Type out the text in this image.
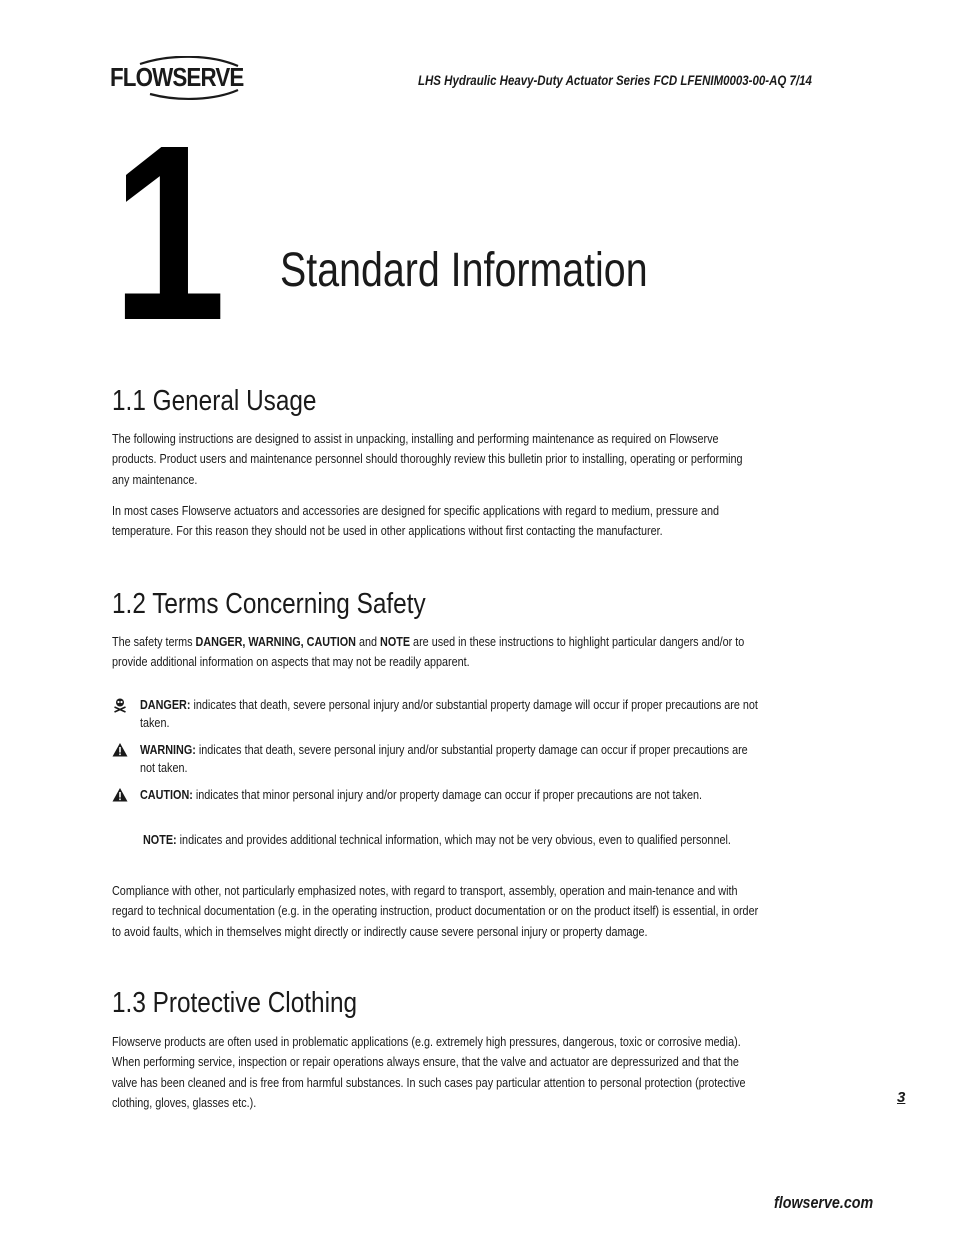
FLOWSERVE	LHS Hydraulic Heavy-Duty Actuator Series FCD LFENIM0003-00-AQ 7/14
1 Standard Information
1.1 General Usage
The following instructions are designed to assist in unpacking, installing and performing maintenance as required on Flowserve products. Product users and maintenance personnel should thoroughly review this bulletin prior to installing, operating or performing any maintenance.
In most cases Flowserve actuators and accessories are designed for specific applications with regard to medium, pressure and temperature. For this reason they should not be used in other applications without first contacting the manufacturer.
1.2 Terms Concerning Safety
The safety terms DANGER, WARNING, CAUTION and NOTE are used in these instructions to highlight particular dangers and/or to provide additional information on aspects that may not be readily apparent.
DANGER: indicates that death, severe personal injury and/or substantial property damage will occur if proper precautions are not taken.
WARNING: indicates that death, severe personal injury and/or substantial property damage can occur if proper precautions are not taken.
CAUTION: indicates that minor personal injury and/or property damage can occur if proper precautions are not taken.
NOTE: indicates and provides additional technical information, which may not be very obvious, even to qualified personnel.
Compliance with other, not particularly emphasized notes, with regard to transport, assembly, operation and main-tenance and with regard to technical documentation (e.g. in the operating instruction, product documentation or on the product itself) is essential, in order to avoid faults, which in themselves might directly or indirectly cause severe personal injury or property damage.
1.3 Protective Clothing
Flowserve products are often used in problematic applications (e.g. extremely high pressures, dangerous, toxic or corrosive media). When performing service, inspection or repair operations always ensure, that the valve and actuator are depressurized and that the valve has been cleaned and is free from harmful substances. In such cases pay particular attention to personal protection (protective clothing, gloves, glasses etc.).	3
flowserve.com
